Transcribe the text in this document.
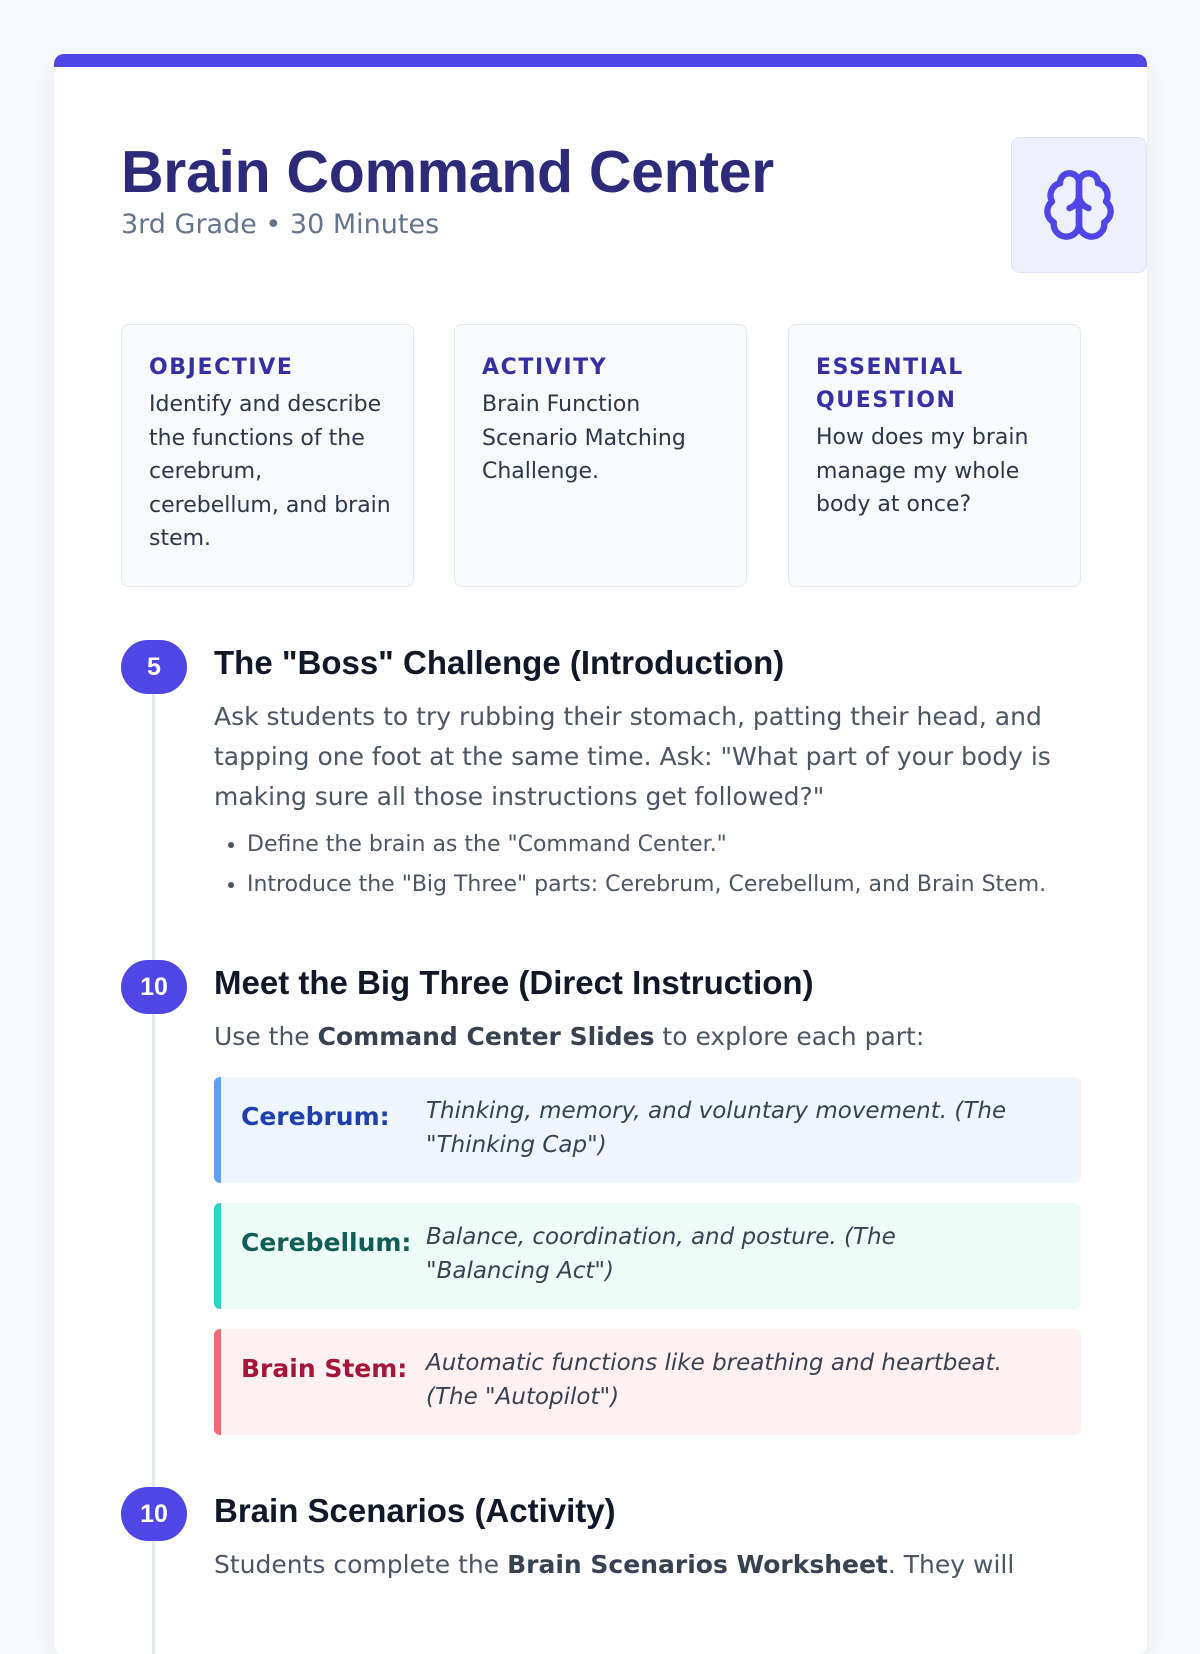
Brain Command Center
3rd Grade • 30 Minutes
OBJECTIVE
Identify and describe the functions of the cerebrum, cerebellum, and brain stem.
ACTIVITY
Brain Function Scenario Matching Challenge.
ESSENTIAL QUESTION
How does my brain manage my whole body at once?
5	The "Boss" Challenge (Introduction)

Ask students to try rubbing their stomach, patting their head, and tapping one foot at the same time. Ask: "What part of your body is making sure all those instructions get followed?"

• Define the brain as the "Command Center."
• Introduce the "Big Three" parts: Cerebrum, Cerebellum, and Brain Stem.
10	Meet the Big Three (Direct Instruction)

Use the Command Center Slides to explore each part:

Cerebrum:	Thinking, memory, and voluntary movement. (The "Thinking Cap")
Cerebellum: Balance, coordination, and posture. (The "Balancing Act")
Brain Stem: Automatic functions like breathing and heartbeat. (The "Autopilot")
10	Brain Scenarios (Activity)

Students complete the Brain Scenarios Worksheet. They will
